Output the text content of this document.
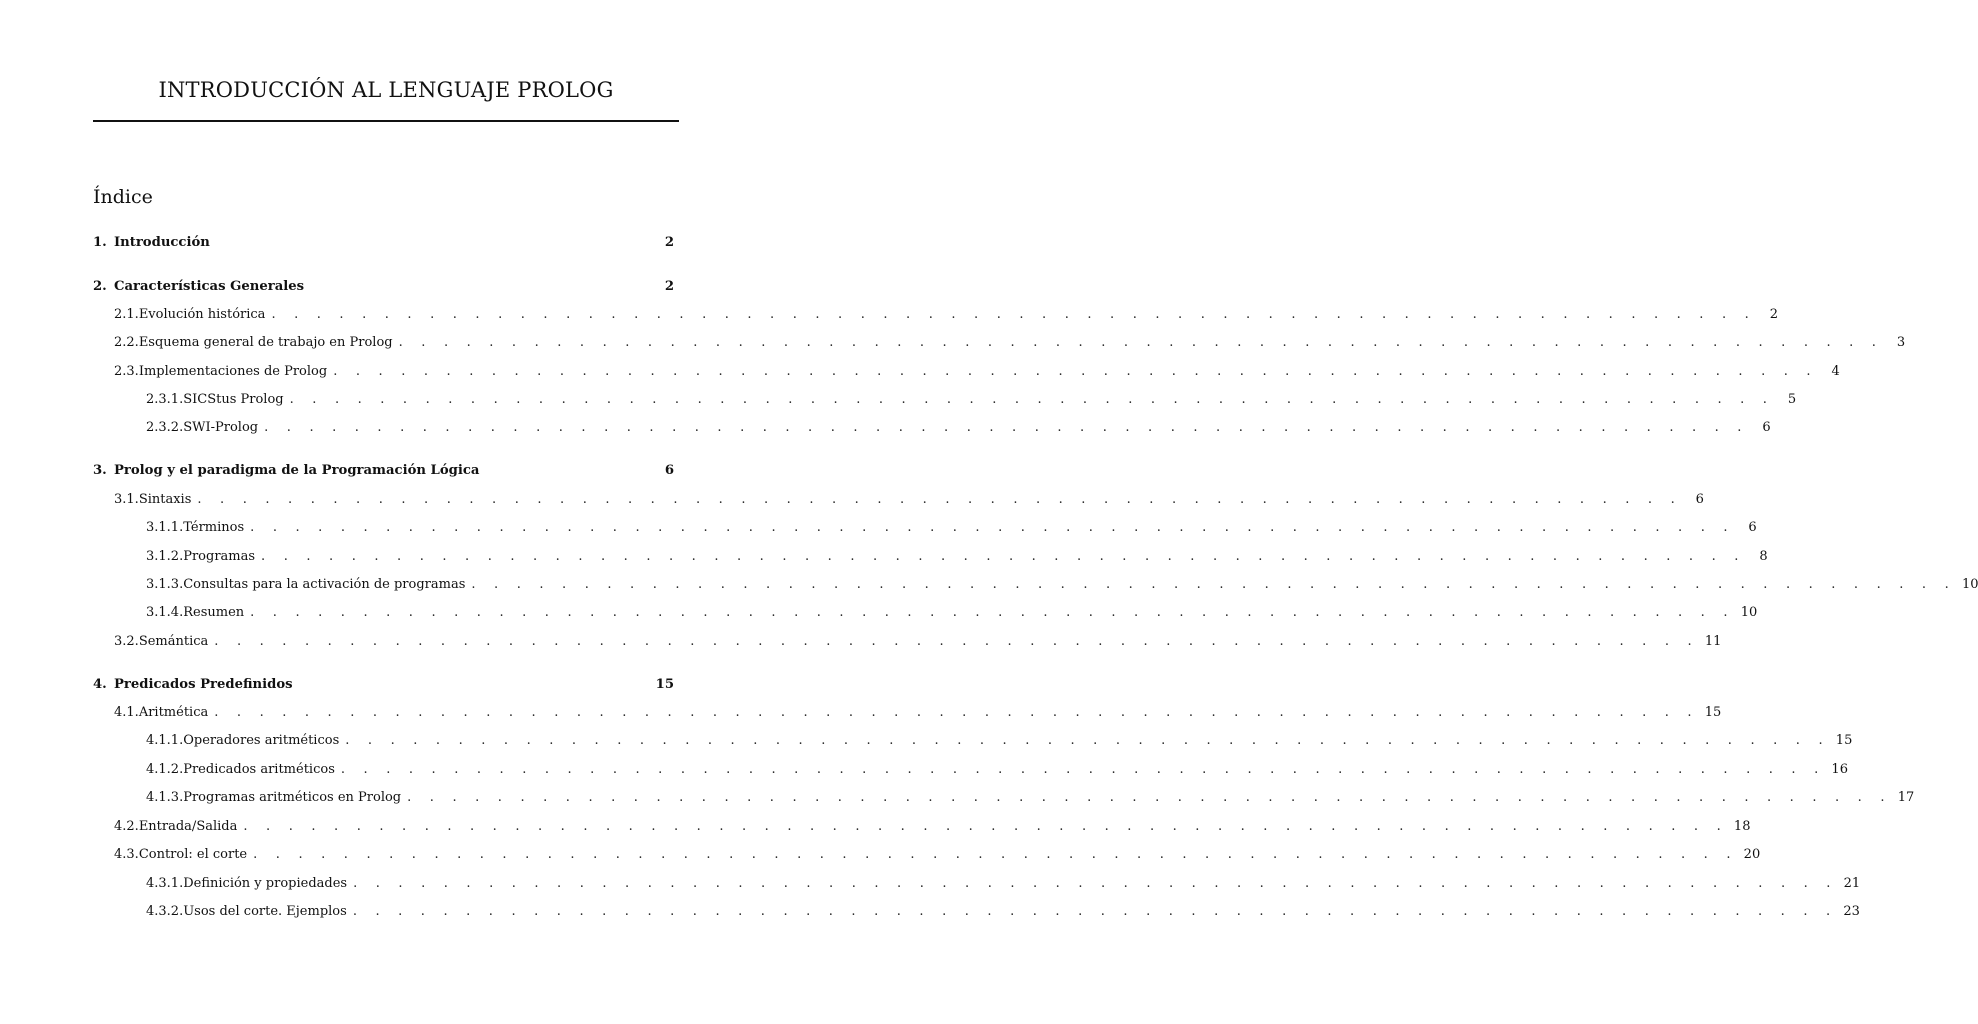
INTRODUCCIÓN AL LENGUAJE PROLOG
Índice
1. Introducción	2
2. Características Generales	2
2.1. Evolución histórica . . . . . . . . . . . . . . . . . . . . . . . . . . . . . . . . . . . . . . . . . . . . . . . . . . . . . . . . . . . . . . . . . .	2
2.2. Esquema general de trabajo en Prolog . . . . . . . . . . . . . . . . . . . . . . . . . . . . . . . . . . . . . . . . . . . . . . . . . . . . . . . . . . . . . . . . . .	3
2.3. Implementaciones de Prolog . . . . . . . . . . . . . . . . . . . . . . . . . . . . . . . . . . . . . . . . . . . . . . . . . . . . . . . . . . . . . . . . . .	4
2.3.1. SICStus Prolog . . . . . . . . . . . . . . . . . . . . . . . . . . . . . . . . . . . . . . . . . . . . . . . . . . . . . . . . . . . . . . . . . .	5
2.3.2. SWI-Prolog . . . . . . . . . . . . . . . . . . . . . . . . . . . . . . . . . . . . . . . . . . . . . . . . . . . . . . . . . . . . . . . . . .	6
3. Prolog y el paradigma de la Programación Lógica	6
3.1. Sintaxis . . . . . . . . . . . . . . . . . . . . . . . . . . . . . . . . . . . . . . . . . . . . . . . . . . . . . . . . . . . . . . . . . .	6
3.1.1. Términos . . . . . . . . . . . . . . . . . . . . . . . . . . . . . . . . . . . . . . . . . . . . . . . . . . . . . . . . . . . . . . . . . .	6
3.1.2. Programas . . . . . . . . . . . . . . . . . . . . . . . . . . . . . . . . . . . . . . . . . . . . . . . . . . . . . . . . . . . . . . . . . .	8
3.1.3. Consultas para la activación de programas . . . . . . . . . . . . . . . . . . . . . . . . . . . . . . . . . . . . . . . . . . . . . . . . . . . . . . . . . . . . . . . . . . 10
3.1.4. Resumen . . . . . . . . . . . . . . . . . . . . . . . . . . . . . . . . . . . . . . . . . . . . . . . . . . . . . . . . . . . . . . . . . . 10
3.2. Semántica . . . . . . . . . . . . . . . . . . . . . . . . . . . . . . . . . . . . . . . . . . . . . . . . . . . . . . . . . . . . . . . . . . 11
4. Predicados Predefinidos	15
4.1. Aritmética . . . . . . . . . . . . . . . . . . . . . . . . . . . . . . . . . . . . . . . . . . . . . . . . . . . . . . . . . . . . . . . . . . 15
4.1.1. Operadores aritméticos . . . . . . . . . . . . . . . . . . . . . . . . . . . . . . . . . . . . . . . . . . . . . . . . . . . . . . . . . . . . . . . . . . 15
4.1.2. Predicados aritméticos . . . . . . . . . . . . . . . . . . . . . . . . . . . . . . . . . . . . . . . . . . . . . . . . . . . . . . . . . . . . . . . . . . 16
4.1.3. Programas aritméticos en Prolog . . . . . . . . . . . . . . . . . . . . . . . . . . . . . . . . . . . . . . . . . . . . . . . . . . . . . . . . . . . . . . . . . . 17
4.2. Entrada/Salida . . . . . . . . . . . . . . . . . . . . . . . . . . . . . . . . . . . . . . . . . . . . . . . . . . . . . . . . . . . . . . . . . . 18
4.3. Control: el corte . . . . . . . . . . . . . . . . . . . . . . . . . . . . . . . . . . . . . . . . . . . . . . . . . . . . . . . . . . . . . . . . . . 20
4.3.1. Definición y propiedades . . . . . . . . . . . . . . . . . . . . . . . . . . . . . . . . . . . . . . . . . . . . . . . . . . . . . . . . . . . . . . . . . . 21
4.3.2. Usos del corte. Ejemplos . . . . . . . . . . . . . . . . . . . . . . . . . . . . . . . . . . . . . . . . . . . . . . . . . . . . . . . . . . . . . . . . . . 23
